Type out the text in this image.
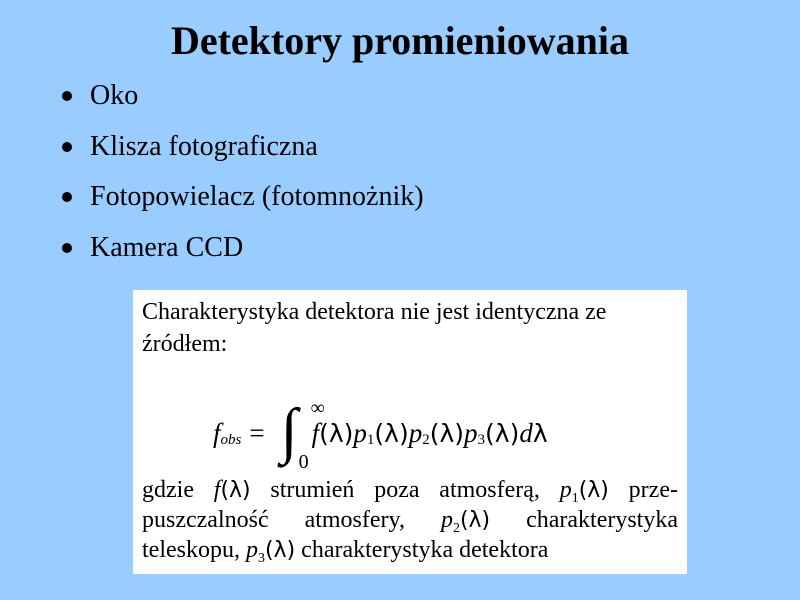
Detektory promieniowania
Oko
Klisza fotograficzna
Fotopowielacz (fotomnożnik)
Kamera CCD
Charakterystyka detektora nie jest identyczna ze źródłem:
f obs = ∫ ∞
0
f (λ) p 1 (λ) p 2 (λ) p 3 (λ) d λ
gdzie f(λ) strumień poza atmosferą, $p_1(\lambda)$ prze-puszczalność atmosfery, $p_2(\lambda)$ charakterystyka teleskopu, $p_3(\lambda)$ charakterystyka detektora
